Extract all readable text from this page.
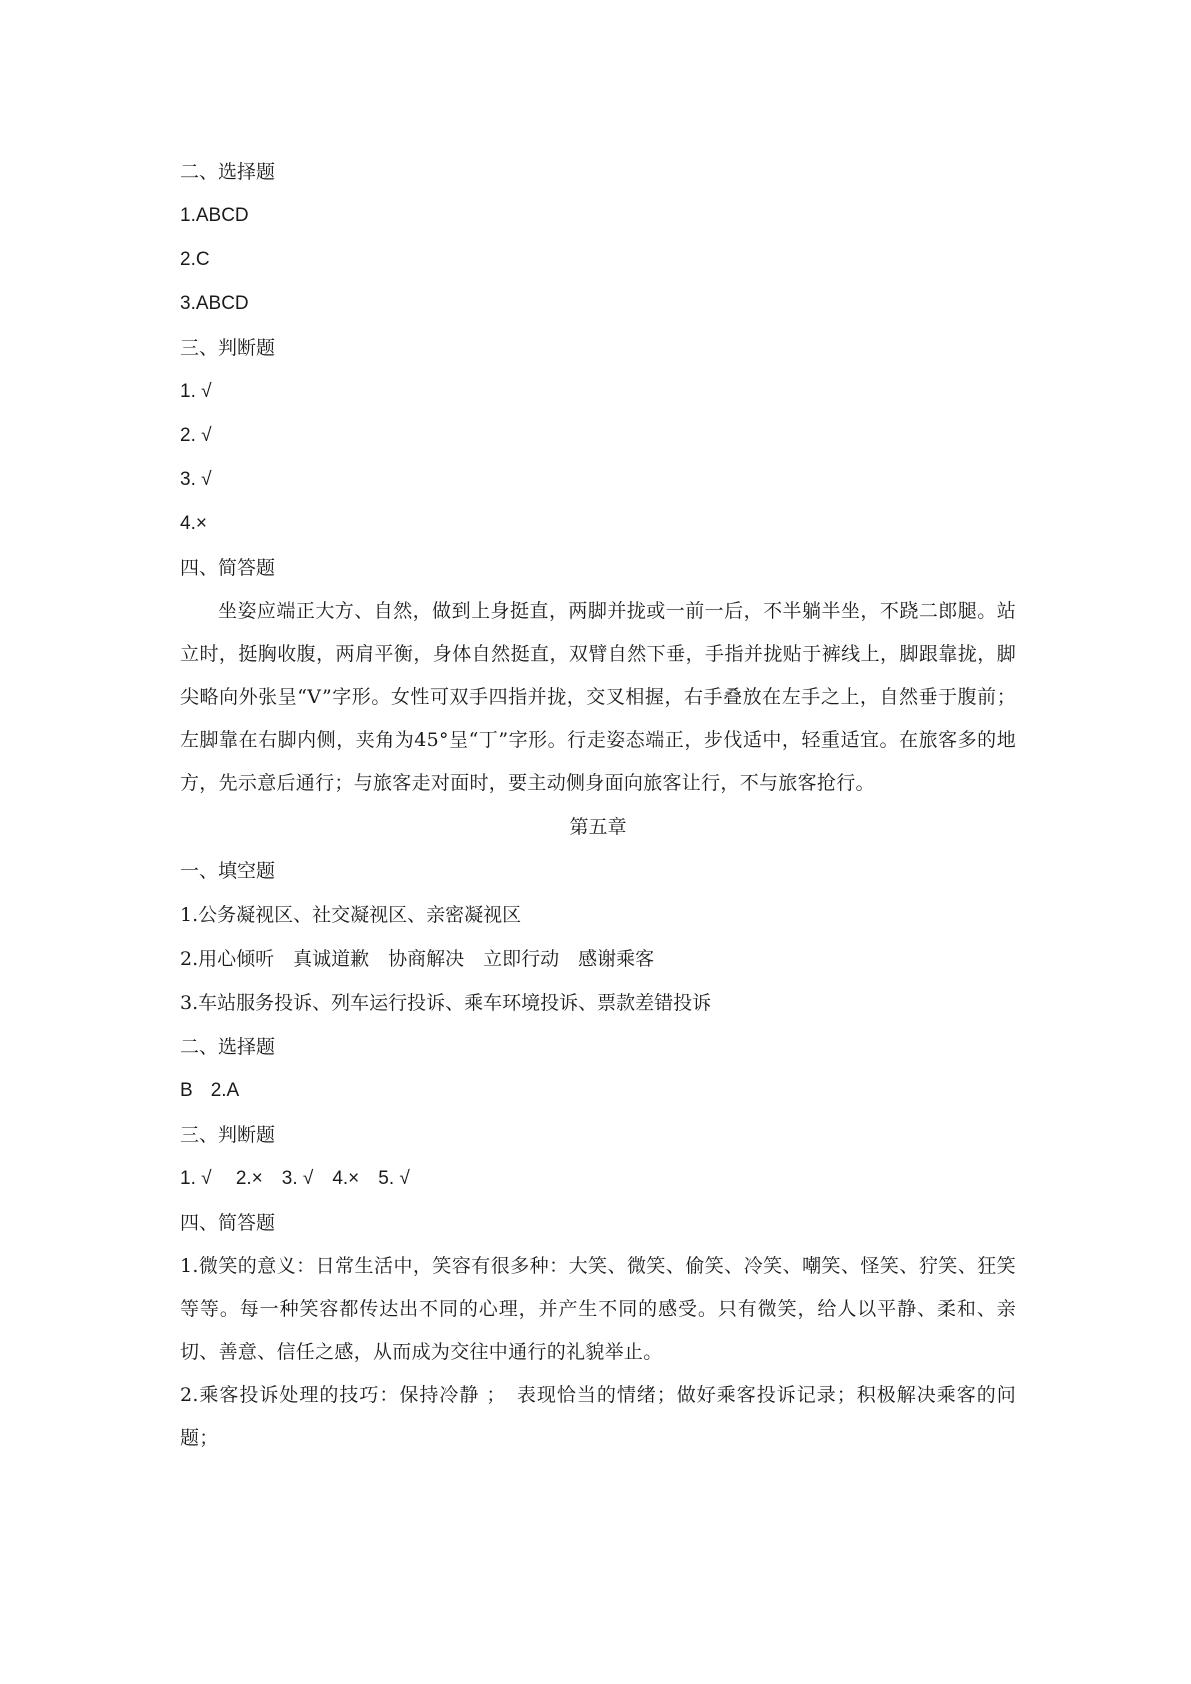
二、选择题

1.ABCD

2.C

3.ABCD

三、判断题

1. √

2. √

3. √

4.×

四、简答题

坐姿应端正大方、自然，做到上身挺直，两脚并拢或一前一后，不半躺半坐，不跷二郎腿。站立时，挺胸收腹，两肩平衡，身体自然挺直，双臂自然下垂，手指并拢贴于裤线上，脚跟靠拢，脚尖略向外张呈“V”字形。女性可双手四指并拢，交叉相握，右手叠放在左手之上，自然垂于腹前；左脚靠在右脚内侧，夹角为45°呈“丁”字形。行走姿态端正，步伐适中，轻重适宜。在旅客多的地方，先示意后通行；与旅客走对面时，要主动侧身面向旅客让行，不与旅客抢行。

第五章

一、填空题

1.公务凝视区、社交凝视区、亲密凝视区

2.用心倾听　真诚道歉　协商解决　立即行动　感谢乘客

3.车站服务投诉、列车运行投诉、乘车环境投诉、票款差错投诉

二、选择题

B 2.A

三、判断题

1. √　 2.×　3. √　4.×　5. √

四、简答题

1.微笑的意义：日常生活中，笑容有很多种：大笑、微笑、偷笑、冷笑、嘲笑、怪笑、狞笑、狂笑等等。每一种笑容都传达出不同的心理，并产生不同的感受。只有微笑，给人以平静、柔和、亲切、善意、信任之感，从而成为交往中通行的礼貌举止。

2.乘客投诉处理的技巧：保持冷静 ；　表现恰当的情绪；做好乘客投诉记录；积极解决乘客的问题；
